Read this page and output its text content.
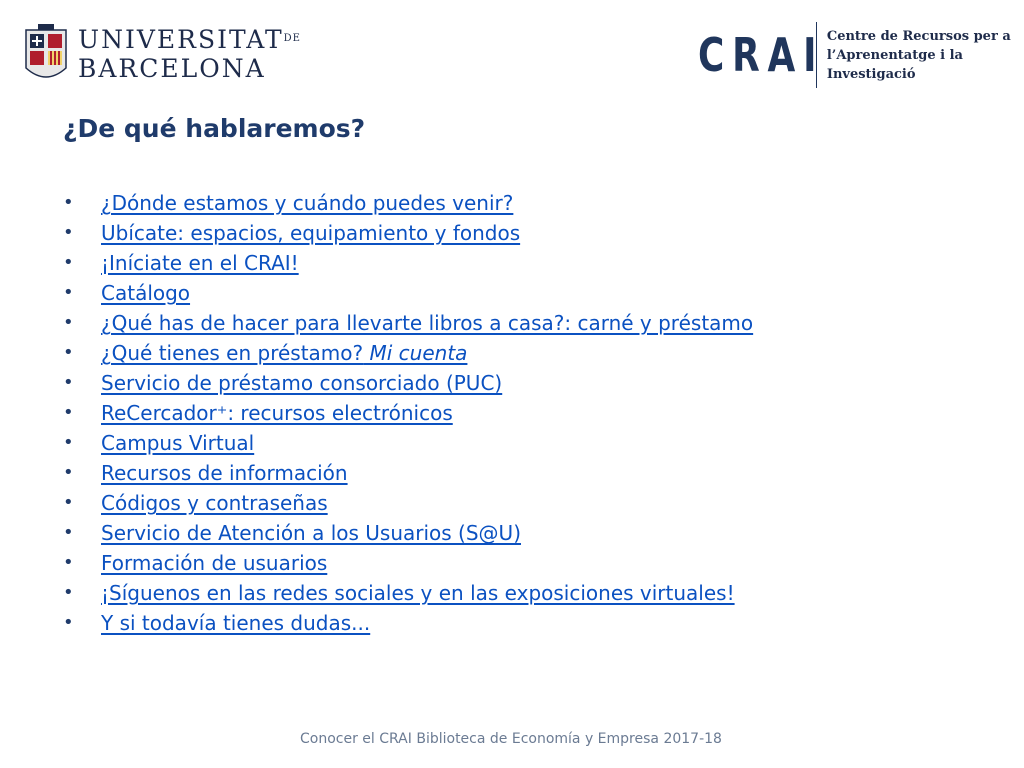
$UNIVERSITAT^{DE}$
BARCELONA	CRAI Centre de Recursos per a
l’Aprenentatge i la Investigació
¿De qué hablaremos?
•	¿Dónde estamos y cuándo puedes venir?
•	Ubícate: espacios, equipamiento y fondos
•	¡Iníciate en el CRAI!
•	Catálogo
•	¿Qué has de hacer para llevarte libros a casa?: carné y préstamo
•	¿Qué tienes en préstamo? Mi cuenta
•	Servicio de préstamo consorciado (PUC)
•	ReCercador⁺: recursos electrónicos
•	Campus Virtual
•	Recursos de información
•	Códigos y contraseñas
•	Servicio de Atención a los Usuarios (S@U)
•	Formación de usuarios
•	¡Síguenos en las redes sociales y en las exposiciones virtuales!
•	Y si todavía tienes dudas...
Conocer el CRAI Biblioteca de Economía y Empresa 2017-18
